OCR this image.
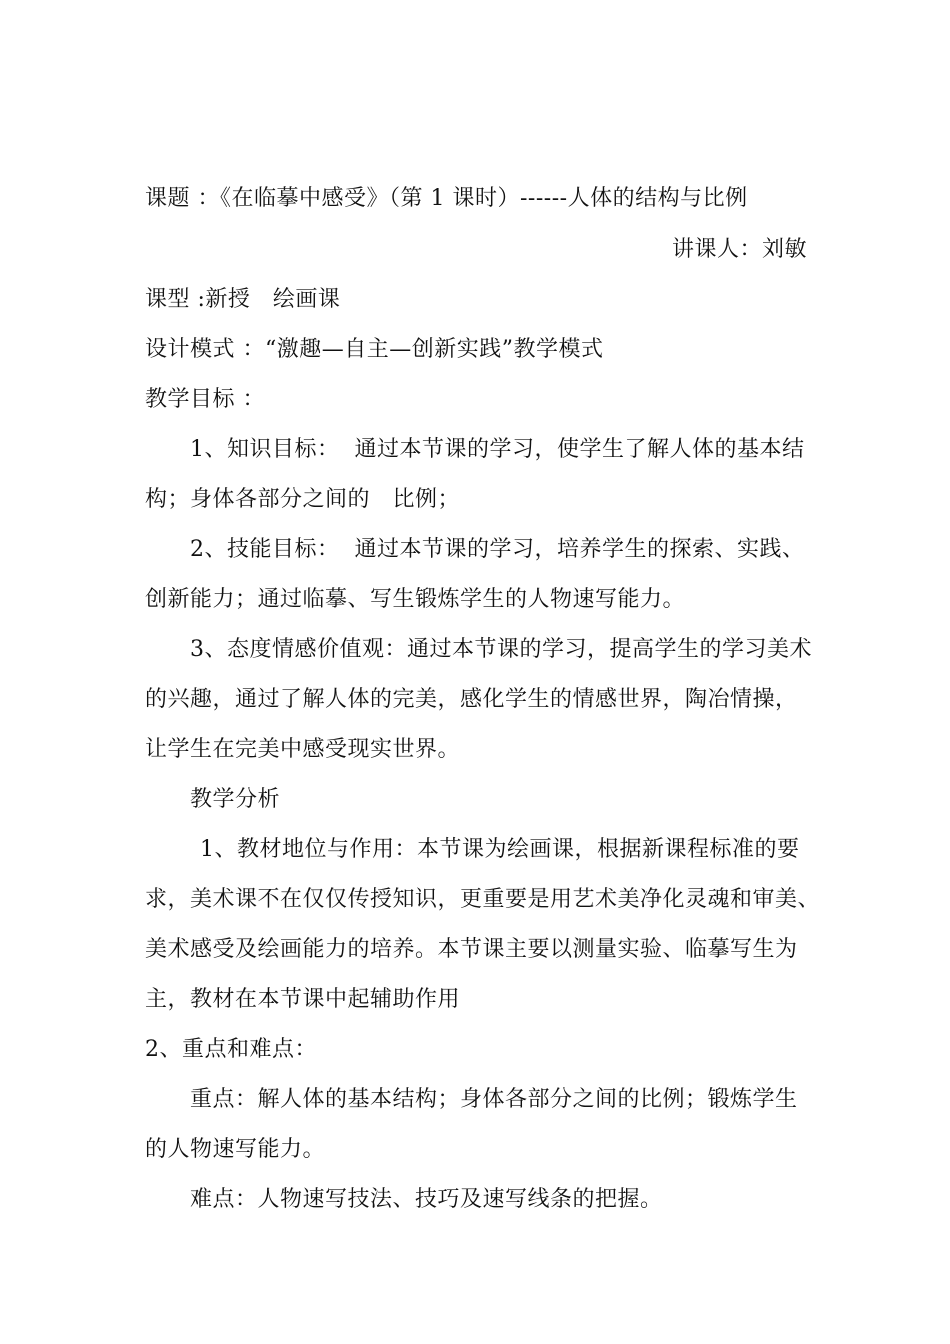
课题 ：《在临摹中感受》（第 1 课时）------人体的结构与比例
讲课人：刘敏
课型 :新授   绘画课
设计模式 ：“激趣—自主—创新实践”教学模式
教学目标 ：
1、知识目标：  通过本节课的学习，使学生了解人体的基本结
构；身体各部分之间的   比例；
2、技能目标：  通过本节课的学习，培养学生的探索、实践、
创新能力；通过临摹、写生锻炼学生的人物速写能力。
3、态度情感价值观：通过本节课的学习，提高学生的学习美术
的兴趣，通过了解人体的完美，感化学生的情感世界，陶冶情操，
让学生在完美中感受现实世界。
教学分析
1、教材地位与作用：本节课为绘画课，根据新课程标准的要
求，美术课不在仅仅传授知识，更重要是用艺术美净化灵魂和审美、
美术感受及绘画能力的培养。本节课主要以测量实验、临摹写生为
主，教材在本节课中起辅助作用
2、重点和难点：
重点：解人体的基本结构；身体各部分之间的比例；锻炼学生
的人物速写能力。
难点：人物速写技法、技巧及速写线条的把握。
